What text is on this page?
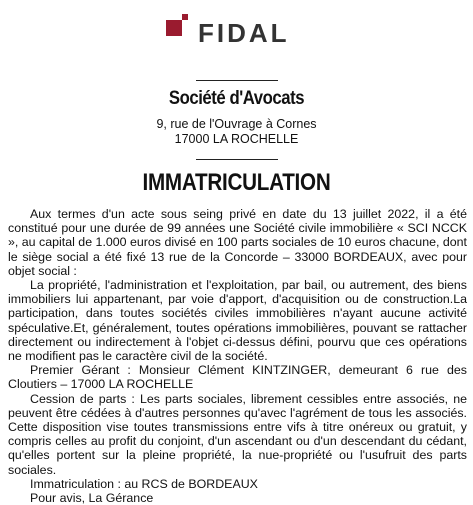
FIDAL
Société d'Avocats
9, rue de l'Ouvrage à Cornes
17000 LA ROCHELLE
IMMATRICULATION

Aux termes d'un acte sous seing privé en date du 13 juillet 2022, il a été constitué pour une durée de 99 années une Société civile immobilière « SCI NCCK », au capital de 1.000 euros divisé en 100 parts sociales de 10 euros chacune, dont le siège social a été fixé 13 rue de la Concorde – 33000 BORDEAUX, avec pour objet social :

La propriété, l'administration et l'exploitation, par bail, ou autrement, des biens immobiliers lui appartenant, par voie d'apport, d'acquisition ou de construction.La participation, dans toutes sociétés civiles immobilières n'ayant aucune activité spéculative.Et, généralement, toutes opérations immobilières, pouvant se rattacher directement ou indirectement à l'objet ci-dessus défini, pourvu que ces opérations ne modifient pas le caractère civil de la société.

Premier Gérant : Monsieur Clément KINTZINGER, demeurant 6 rue des Cloutiers – 17000 LA ROCHELLE

Cession de parts : Les parts sociales, librement cessibles entre associés, ne peuvent être cédées à d'autres personnes qu'avec l'agrément de tous les associés. Cette disposition vise toutes transmissions entre vifs à titre onéreux ou gratuit, y compris celles au profit du conjoint, d'un ascendant ou d'un descendant du cédant, qu'elles portent sur la pleine propriété, la nue-propriété ou l'usufruit des parts sociales.

Immatriculation : au RCS de BORDEAUX

Pour avis, La Gérance
